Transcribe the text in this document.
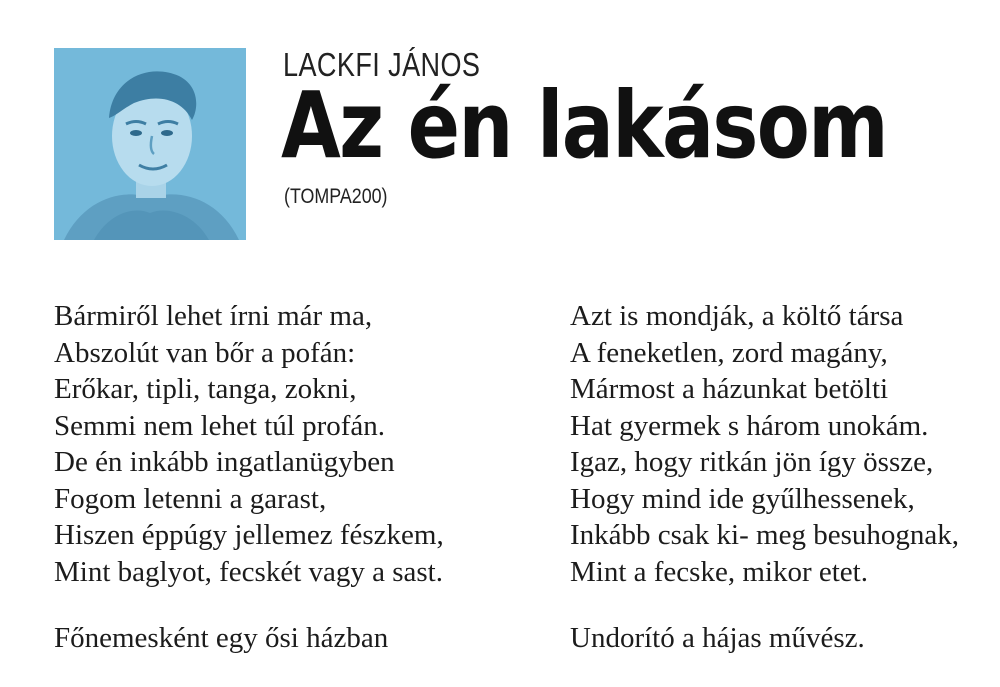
LACKFI JÁNOS
Az én lakásom
(TOMPA200)
Bármiről lehet írni már ma,
Abszolút van bőr a pofán:
Erőkar, tipli, tanga, zokni,
Semmi nem lehet túl profán.
De én inkább ingatlanügyben
Fogom letenni a garast,
Hiszen éppúgy jellemez fészkem,
Mint baglyot, fecskét vagy a sast.
Főnemesként egy ősi házban
Azt is mondják, a költő társa
A feneketlen, zord magány,
Mármost a házunkat betölti
Hat gyermek s három unokám.
Igaz, hogy ritkán jön így össze,
Hogy mind ide gyűlhessenek,
Inkább csak ki- meg besuhognak,
Mint a fecske, mikor etet.
Undorító a hájas művész.
